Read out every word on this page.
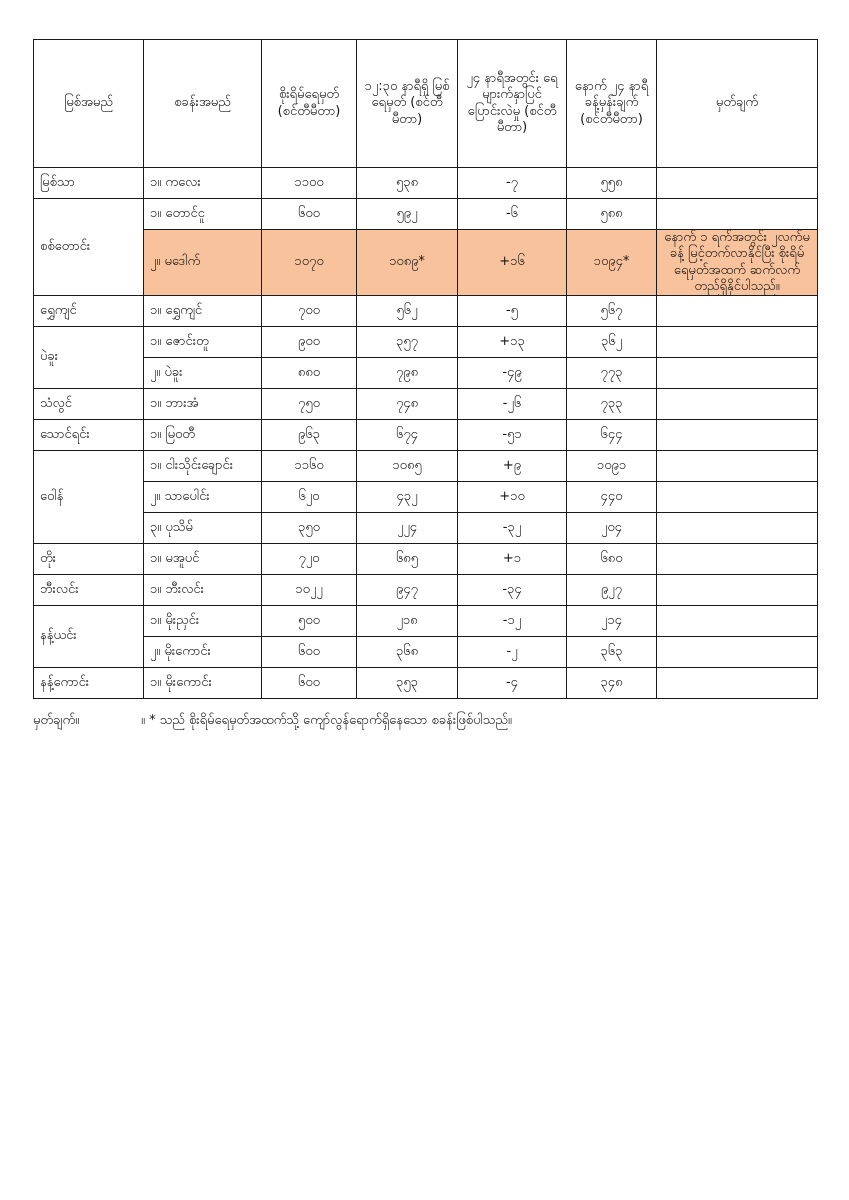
မြစ်အမည်	စခန်းအမည်	စိုးရိမ်ရေမှတ် (စင်တီမီတာ)	၁၂:၃၀ နာရီရှိ မြစ်ရေမှတ် (စင်တီမီတာ)	၂၄ နာရီအတွင်း ရေများက်နှာပြင် ပြောင်းလဲမှု (စင်တီမီတာ)	နောက် ၂၄ နာရီ ခန့်မှန်းချက် (စင်တီမီတာ)	မှတ်ချက်
မြစ်သာ	၁။ ကလေး	၁၁၀၀	၅၃၈	-၇	၅၅၈	
စစ်တောင်း	၁။ တောင်ငူ	၆၀၀	၅၉၂	-၆	၅၈၈	
	၂။ မဒေါက်	၁၀၇၀	၁၀၈၉*	+၁၆	၁၀၉၄*	နောက် ၁ ရက်အတွင်း ၂လက်မခန့် မြင့်တက်လာနိုင်ပြီး စိုးရိမ်ရေမှတ်အထက် ဆက်လက်တည်ရှိနိုင်ပါသည်။
ရွှေကျင်	၁။ ရွှေကျင်	၇၀၀	၅၆၂	-၅	၅၆၇	
ပဲခူး	၁။ ဇောင်းတူ	၉၀၀	၃၅၇	+၁၃	၃၆၂	
	၂။ ပဲခူး	၈၈၀	၇၉၈	-၄၉	၇၇၃	
သံလွင်	၁။ ဘားအံ	၇၅၀	၇၄၈	-၂၆	၇၃၃	
သောင်ရင်း	၁။ မြဝတီ	၉၆၃	၆၇၄	-၅၁	၆၄၄	
ဝေါန်	၁။ ငါးသိုင်းချောင်း	၁၁၆၀	၁၀၈၅	+၉	၁၀၉၁	
	၂။ သာပေါင်း	၆၂၀	၄၃၂	+၁၀	၄၄၀	
	၃။ ပုသိမ်	၃၅၀	၂၂၄	-၃၂	၂၀၄	
တိုး	၁။ မအူပင်	၇၂၀	၆၈၅	+၁	၆၈၀	
ဘီးလင်း	၁။ ဘီးလင်း	၁၀၂၂	၉၄၇	-၃၄	၉၂၇	
နန့်ယင်း	၁။ မိုးညှင်း	၅၀၀	၂၁၈	-၁၂	၂၁၄	
	၂။ မိုးကောင်း	၆၀၀	၃၆၈	-၂	၃၆၃	
နန့်ကောင်း	၁။ မိုးကောင်း	၆၀၀	၃၅၃	-၄	၃၄၈	
မှတ်ချက်။	။ * သည် စိုးရိမ်ရေမှတ်အထက်သို့ ကျော်လွန်ရောက်ရှိနေသော စခန်းဖြစ်ပါသည်။
